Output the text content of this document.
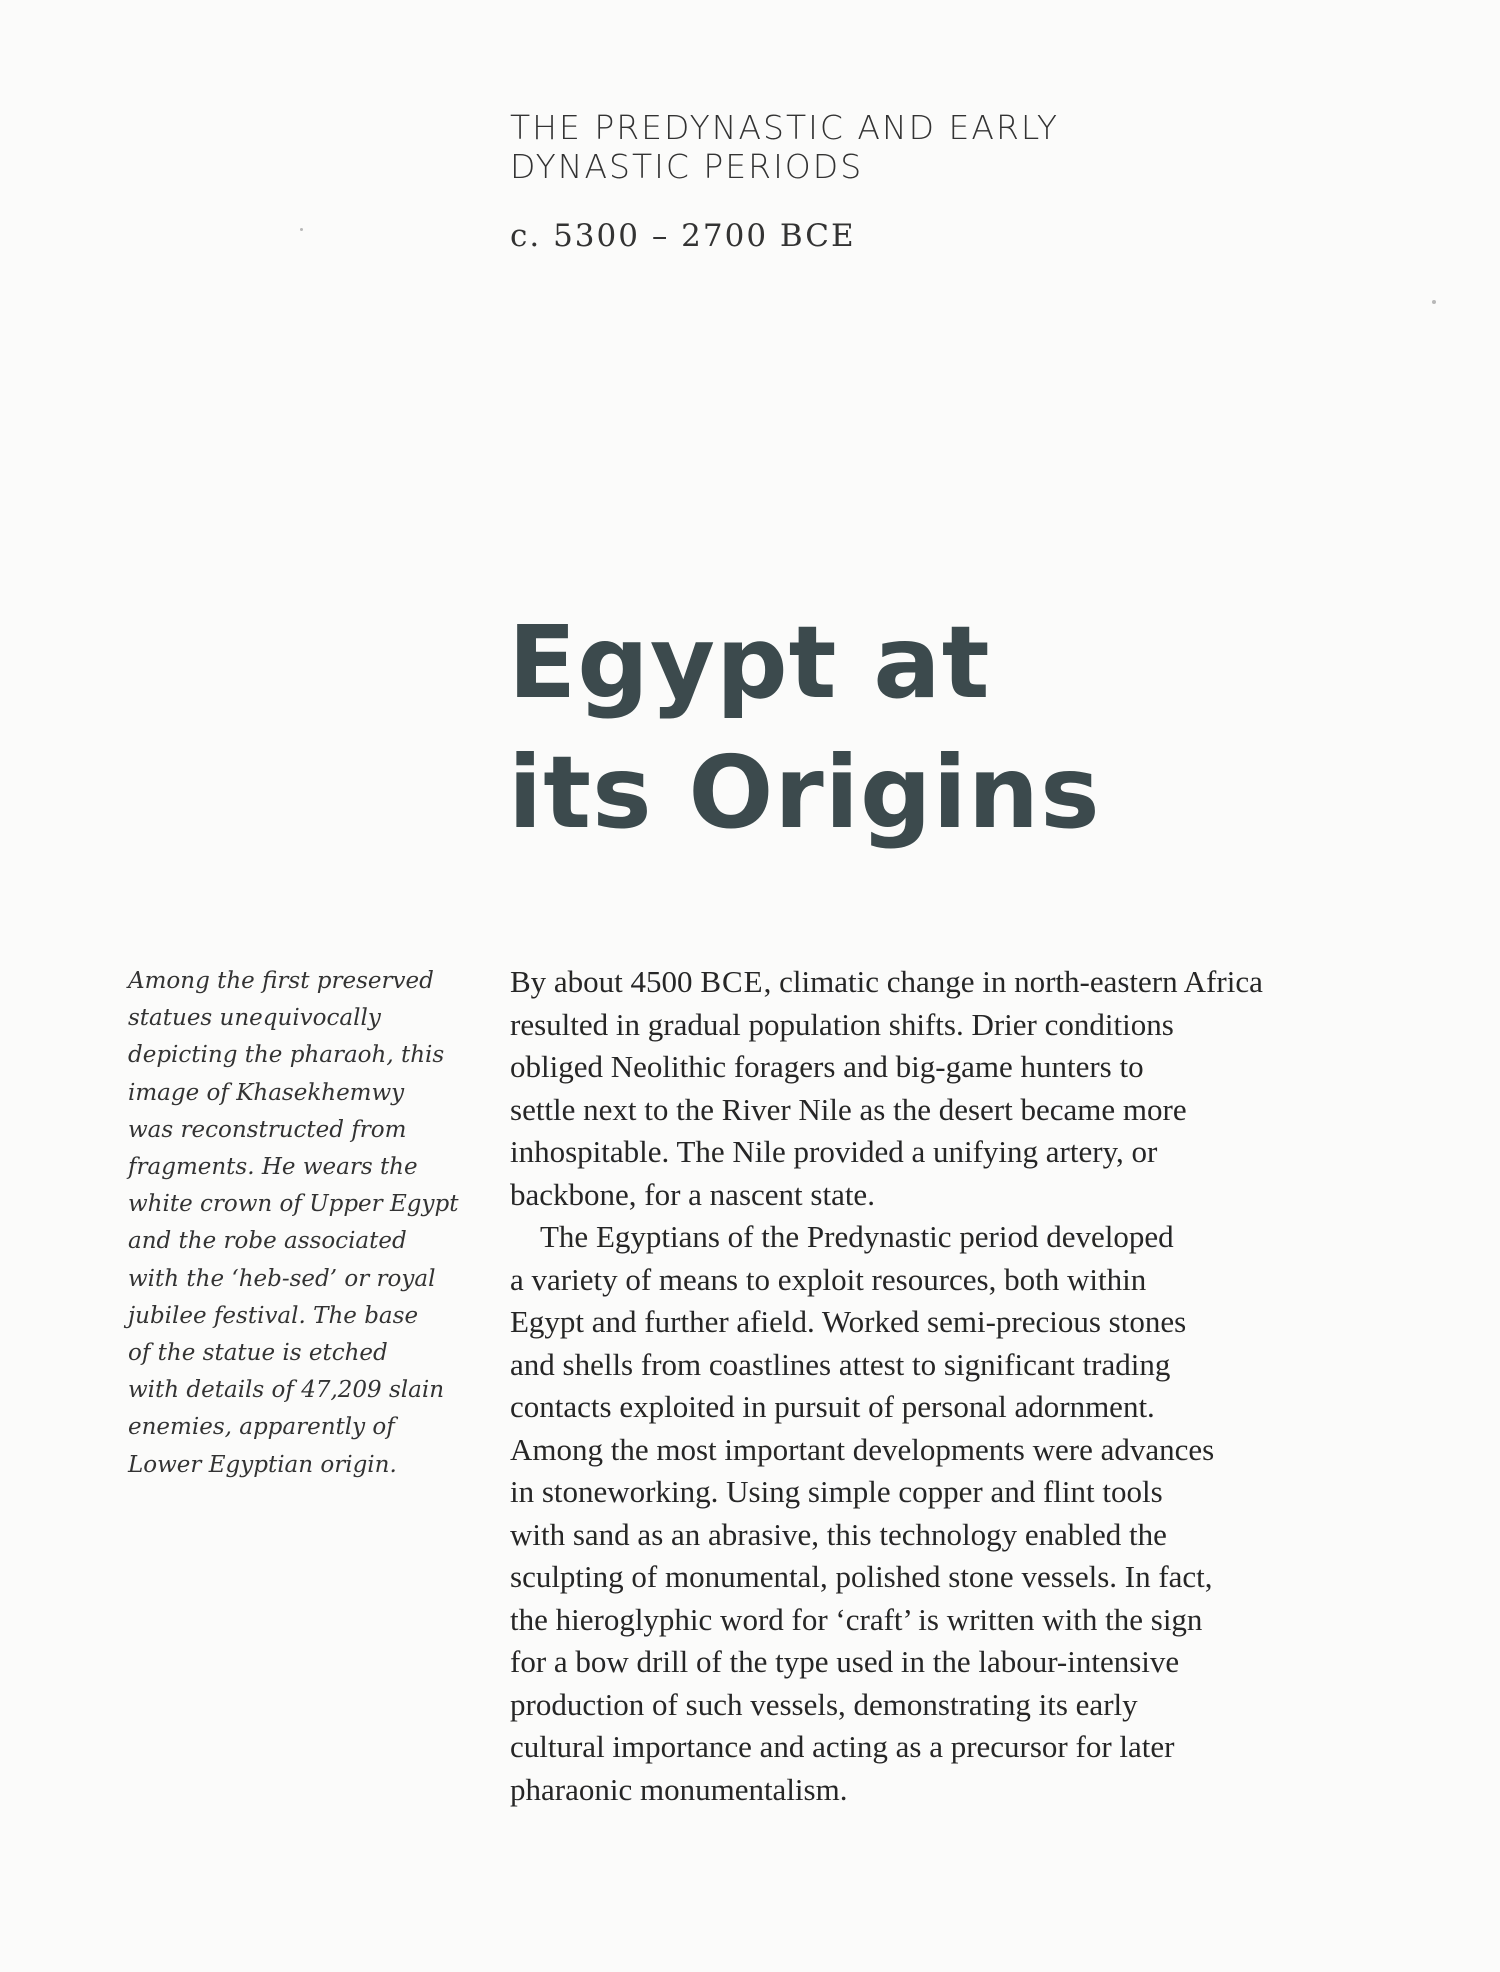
THE PREDYNASTIC AND EARLY
DYNASTIC PERIODS

c. 5300 – 2700 BCE

Egypt at
its Origins

Among the first preserved
statues unequivocally
depicting the pharaoh, this
image of Khasekhemwy
was reconstructed from
fragments. He wears the
white crown of Upper Egypt
and the robe associated
with the ‘heb-sed’ or royal
jubilee festival. The base
of the statue is etched
with details of 47,209 slain
enemies, apparently of
Lower Egyptian origin.

By about 4500 BCE, climatic change in north-eastern Africa
resulted in gradual population shifts. Drier conditions
obliged Neolithic foragers and big-game hunters to
settle next to the River Nile as the desert became more
inhospitable. The Nile provided a unifying artery, or
backbone, for a nascent state.

The Egyptians of the Predynastic period developed
a variety of means to exploit resources, both within
Egypt and further afield. Worked semi-precious stones
and shells from coastlines attest to significant trading
contacts exploited in pursuit of personal adornment.
Among the most important developments were advances
in stoneworking. Using simple copper and flint tools
with sand as an abrasive, this technology enabled the
sculpting of monumental, polished stone vessels. In fact,
the hieroglyphic word for ‘craft’ is written with the sign
for a bow drill of the type used in the labour-intensive
production of such vessels, demonstrating its early
cultural importance and acting as a precursor for later
pharaonic monumentalism.
